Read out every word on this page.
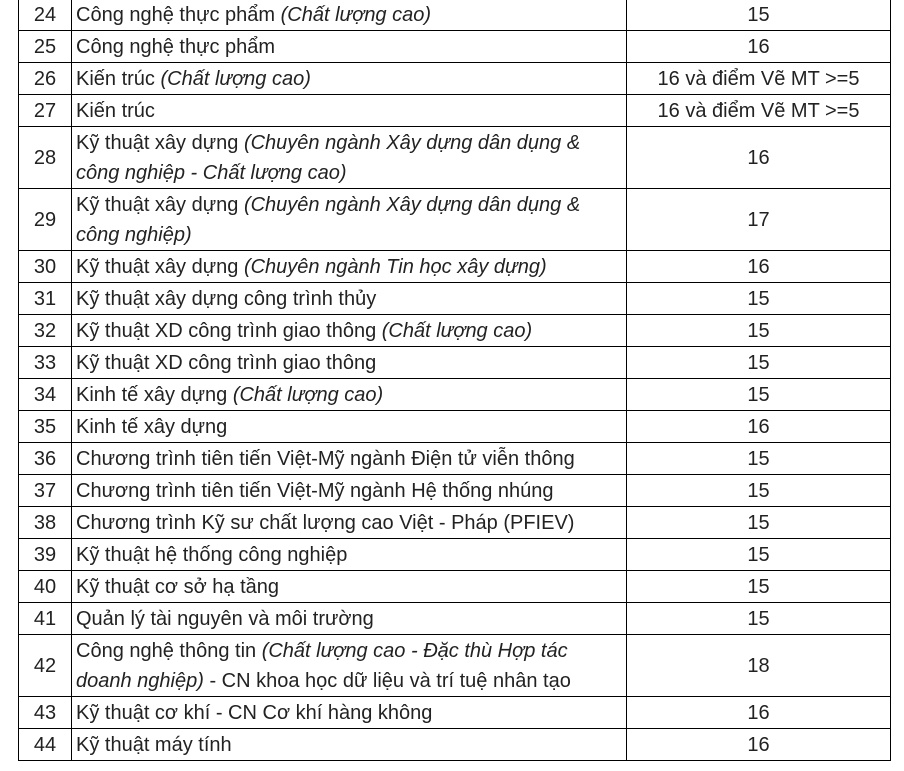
24	Công nghệ thực phẩm (Chất lượng cao)	15
25	Công nghệ thực phẩm	16
26	Kiến trúc (Chất lượng cao)	16 và điểm Vẽ MT >=5
27	Kiến trúc	16 và điểm Vẽ MT >=5
28	Kỹ thuật xây dựng (Chuyên ngành Xây dựng dân dụng & công nghiệp - Chất lượng cao)	16
29	Kỹ thuật xây dựng (Chuyên ngành Xây dựng dân dụng & công nghiệp)	17
30	Kỹ thuật xây dựng (Chuyên ngành Tin học xây dựng)	16
31	Kỹ thuật xây dựng công trình thủy	15
32	Kỹ thuật XD công trình giao thông (Chất lượng cao)	15
33	Kỹ thuật XD công trình giao thông	15
34	Kinh tế xây dựng (Chất lượng cao)	15
35	Kinh tế xây dựng	16
36	Chương trình tiên tiến Việt-Mỹ ngành Điện tử viễn thông	15
37	Chương trình tiên tiến Việt-Mỹ ngành Hệ thống nhúng	15
38	Chương trình Kỹ sư chất lượng cao Việt - Pháp (PFIEV)	15
39	Kỹ thuật hệ thống công nghiệp	15
40	Kỹ thuật cơ sở hạ tầng	15
41	Quản lý tài nguyên và môi trường	15
42	Công nghệ thông tin (Chất lượng cao - Đặc thù Hợp tác doanh nghiệp) - CN khoa học dữ liệu và trí tuệ nhân tạo	18
43	Kỹ thuật cơ khí - CN Cơ khí hàng không	16
44	Kỹ thuật máy tính	16
